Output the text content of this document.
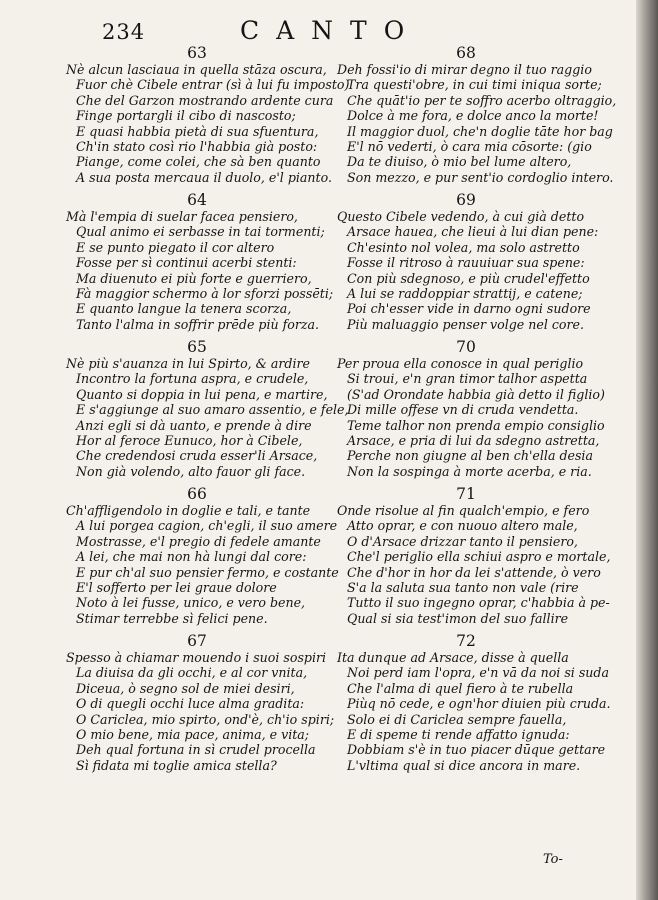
234	CANTO
63
Nè alcun lasciaua in quella stāza oscura,
Fuor chè Cibele entrar (sì à lui fu imposto)
Che del Garzon mostrando ardente cura
Finge portargli il cibo di nascosto;
E quasi habbia pietà di sua sfuentura,
Ch'in stato così rio l'habbia già posto:
Piange, come colei, che sà ben quanto
A sua posta mercaua il duolo, e'l pianto.
64
Mà l'empia di suelar facea pensiero,
Qual animo ei serbasse in tai tormenti;
E se punto piegato il cor altero
Fosse per sì continui acerbi stenti:
Ma diuenuto ei più forte e guerriero,
Fà maggior schermo à lor sforzi possēti;
E quanto langue la tenera scorza,
Tanto l'alma in soffrir prēde più forza.
65
Nè più s'auanza in lui Spirto, & ardire
Incontro la fortuna aspra, e crudele,
Quanto si doppia in lui pena, e martire,
E s'aggiunge al suo amaro assentio, e fele,
Anzi egli si dà uanto, e prende à dire
Hor al feroce Eunuco, hor à Cibele,
Che credendosi cruda esser'li Arsace,
Non già volendo, alto fauor gli face.
66
Ch'affligendolo in doglie e tali, e tante
A lui porgea cagion, ch'egli, il suo amere
Mostrasse, e'l pregio di fedele amante
A lei, che mai non hà lungi dal core:
E pur ch'al suo pensier fermo, e costante
E'l sofferto per lei graue dolore
Noto à lei fusse, unico, e vero bene,
Stimar terrebbe sì felici pene.
67
Spesso à chiamar mouendo i suoi sospiri
La diuisa da gli occhi, e al cor vnita,
Diceua, ò segno sol de miei desiri,
O di quegli occhi luce alma gradita:
O Cariclea, mio spirto, ond'è, ch'io spiri;
O mio bene, mia pace, anima, e vita;
Deh qual fortuna in sì crudel procella
Sì fidata mi toglie amica stella?
68
Deh fossi'io di mirar degno il tuo raggio
Tra questi'obre, in cui timi iniqua sorte;
Che quāt'io per te soffro acerbo oltraggio,
Dolce à me fora, e dolce anco la morte!
Il maggior duol, che'n doglie tāte hor bag
E'l nō vederti, ò cara mia cōsorte: (gio
Da te diuiso, ò mio bel lume altero,
Son mezzo, e pur sent'io cordoglio intero.
69
Questo Cibele vedendo, à cui già detto
Arsace hauea, che lieui à lui dian pene:
Ch'esinto nol volea, ma solo astretto
Fosse il ritroso à rauuiuar sua spene:
Con più sdegnoso, e più crudel'effetto
A lui se raddoppiar strattij, e catene;
Poi ch'esser vide in darno ogni sudore
Più maluaggio penser volge nel core.
70
Per proua ella conosce in qual periglio
Si troui, e'n gran timor talhor aspetta
(S'ad Orondate habbia già detto il figlio)
Di mille offese vn di cruda vendetta.
Teme talhor non prenda empio consiglio
Arsace, e pria di lui da sdegno astretta,
Perche non giugne al ben ch'ella desia
Non la sospinga à morte acerba, e ria.
71
Onde risolue al fin qualch'empio, e fero
Atto oprar, e con nuouo altero male,
O d'Arsace drizzar tanto il pensiero,
Che'l periglio ella schiui aspro e mortale,
Che d'hor in hor da lei s'attende, ò vero
S'a la saluta sua tanto non vale (rire
Tutto il suo ingegno oprar, c'habbia à pe-
Qual si sia test'imon del suo fallire
72
Ita dunque ad Arsace, disse à quella
Noi perd iam l'opra, e'n vā da noi si suda
Che l'alma di quel fiero à te rubella
Piùq nō cede, e ogn'hor diuien più cruda.
Solo ei di Cariclea sempre fauella,
E di speme ti rende affatto ignuda:
Dobbiam s'è in tuo piacer dūque gettare
L'vltima qual si dice ancora in mare.
To-
